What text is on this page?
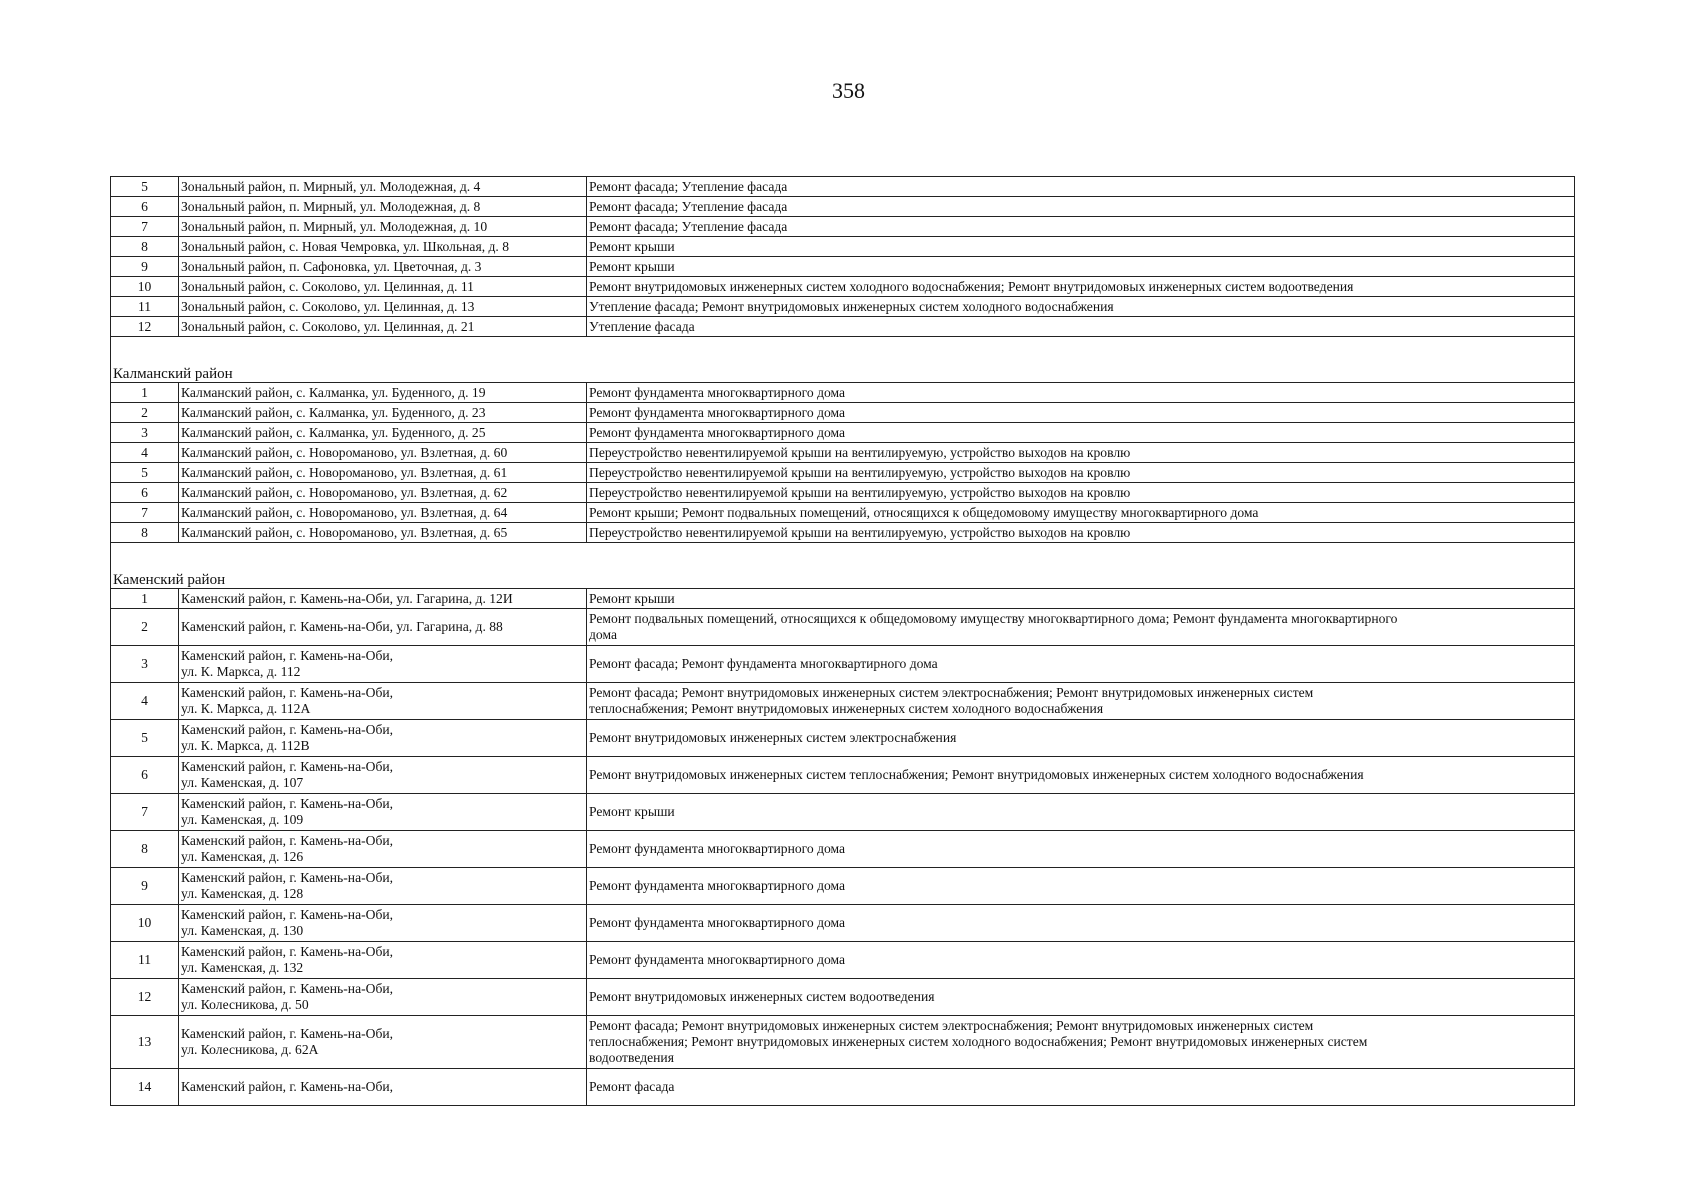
358
5	Зональный район, п. Мирный, ул. Молодежная, д. 4	Ремонт фасада; Утепление фасада
6	Зональный район, п. Мирный, ул. Молодежная, д. 8	Ремонт фасада; Утепление фасада
7	Зональный район, п. Мирный, ул. Молодежная, д. 10	Ремонт фасада; Утепление фасада
8	Зональный район, с. Новая Чемровка, ул. Школьная, д. 8	Ремонт крыши
9	Зональный район, п. Сафоновка, ул. Цветочная, д. 3	Ремонт крыши
10	Зональный район, с. Соколово, ул. Целинная, д. 11	Ремонт внутридомовых инженерных систем холодного водоснабжения; Ремонт внутридомовых инженерных систем водоотведения
11	Зональный район, с. Соколово, ул. Целинная, д. 13	Утепление фасада; Ремонт внутридомовых инженерных систем холодного водоснабжения
12	Зональный район, с. Соколово, ул. Целинная, д. 21	Утепление фасада

Калманский район		
1	Калманский район, с. Калманка, ул. Буденного, д. 19	Ремонт фундамента многоквартирного дома
2	Калманский район, с. Калманка, ул. Буденного, д. 23	Ремонт фундамента многоквартирного дома
3	Калманский район, с. Калманка, ул. Буденного, д. 25	Ремонт фундамента многоквартирного дома
4	Калманский район, с. Новороманово, ул. Взлетная, д. 60	Переустройство невентилируемой крыши на вентилируемую, устройство выходов на кровлю
5	Калманский район, с. Новороманово, ул. Взлетная, д. 61	Переустройство невентилируемой крыши на вентилируемую, устройство выходов на кровлю
6	Калманский район, с. Новороманово, ул. Взлетная, д. 62	Переустройство невентилируемой крыши на вентилируемую, устройство выходов на кровлю
7	Калманский район, с. Новороманово, ул. Взлетная, д. 64	Ремонт крыши; Ремонт подвальных помещений, относящихся к общедомовому имуществу многоквартирного дома
8	Калманский район, с. Новороманово, ул. Взлетная, д. 65	Переустройство невентилируемой крыши на вентилируемую, устройство выходов на кровлю

Каменский район		
1	Каменский район, г. Камень-на-Оби, ул. Гагарина, д. 12И	Ремонт крыши
2	Каменский район, г. Камень-на-Оби, ул. Гагарина, д. 88	Ремонт подвальных помещений, относящихся к общедомовому имуществу многоквартирного дома; Ремонт фундамента многоквартирного
дома
3	Каменский район, г. Камень-на-Оби,
ул. К. Маркса, д. 112	Ремонт фасада; Ремонт фундамента многоквартирного дома
4	Каменский район, г. Камень-на-Оби,
ул. К. Маркса, д. 112А	Ремонт фасада; Ремонт внутридомовых инженерных систем электроснабжения; Ремонт внутридомовых инженерных систем
теплоснабжения; Ремонт внутридомовых инженерных систем холодного водоснабжения
5	Каменский район, г. Камень-на-Оби,
ул. К. Маркса, д. 112В	Ремонт внутридомовых инженерных систем электроснабжения
6	Каменский район, г. Камень-на-Оби,
ул. Каменская, д. 107	Ремонт внутридомовых инженерных систем теплоснабжения; Ремонт внутридомовых инженерных систем холодного водоснабжения
7	Каменский район, г. Камень-на-Оби,
ул. Каменская, д. 109	Ремонт крыши
8	Каменский район, г. Камень-на-Оби,
ул. Каменская, д. 126	Ремонт фундамента многоквартирного дома
9	Каменский район, г. Камень-на-Оби,
ул. Каменская, д. 128	Ремонт фундамента многоквартирного дома
10	Каменский район, г. Камень-на-Оби,
ул. Каменская, д. 130	Ремонт фундамента многоквартирного дома
11	Каменский район, г. Камень-на-Оби,
ул. Каменская, д. 132	Ремонт фундамента многоквартирного дома
12	Каменский район, г. Камень-на-Оби,
ул. Колесникова, д. 50	Ремонт внутридомовых инженерных систем водоотведения
13	Каменский район, г. Камень-на-Оби,
ул. Колесникова, д. 62А	Ремонт фасада; Ремонт внутридомовых инженерных систем электроснабжения; Ремонт внутридомовых инженерных систем
теплоснабжения; Ремонт внутридомовых инженерных систем холодного водоснабжения; Ремонт внутридомовых инженерных систем
водоотведения
14	Каменский район, г. Камень-на-Оби,	Ремонт фасада
